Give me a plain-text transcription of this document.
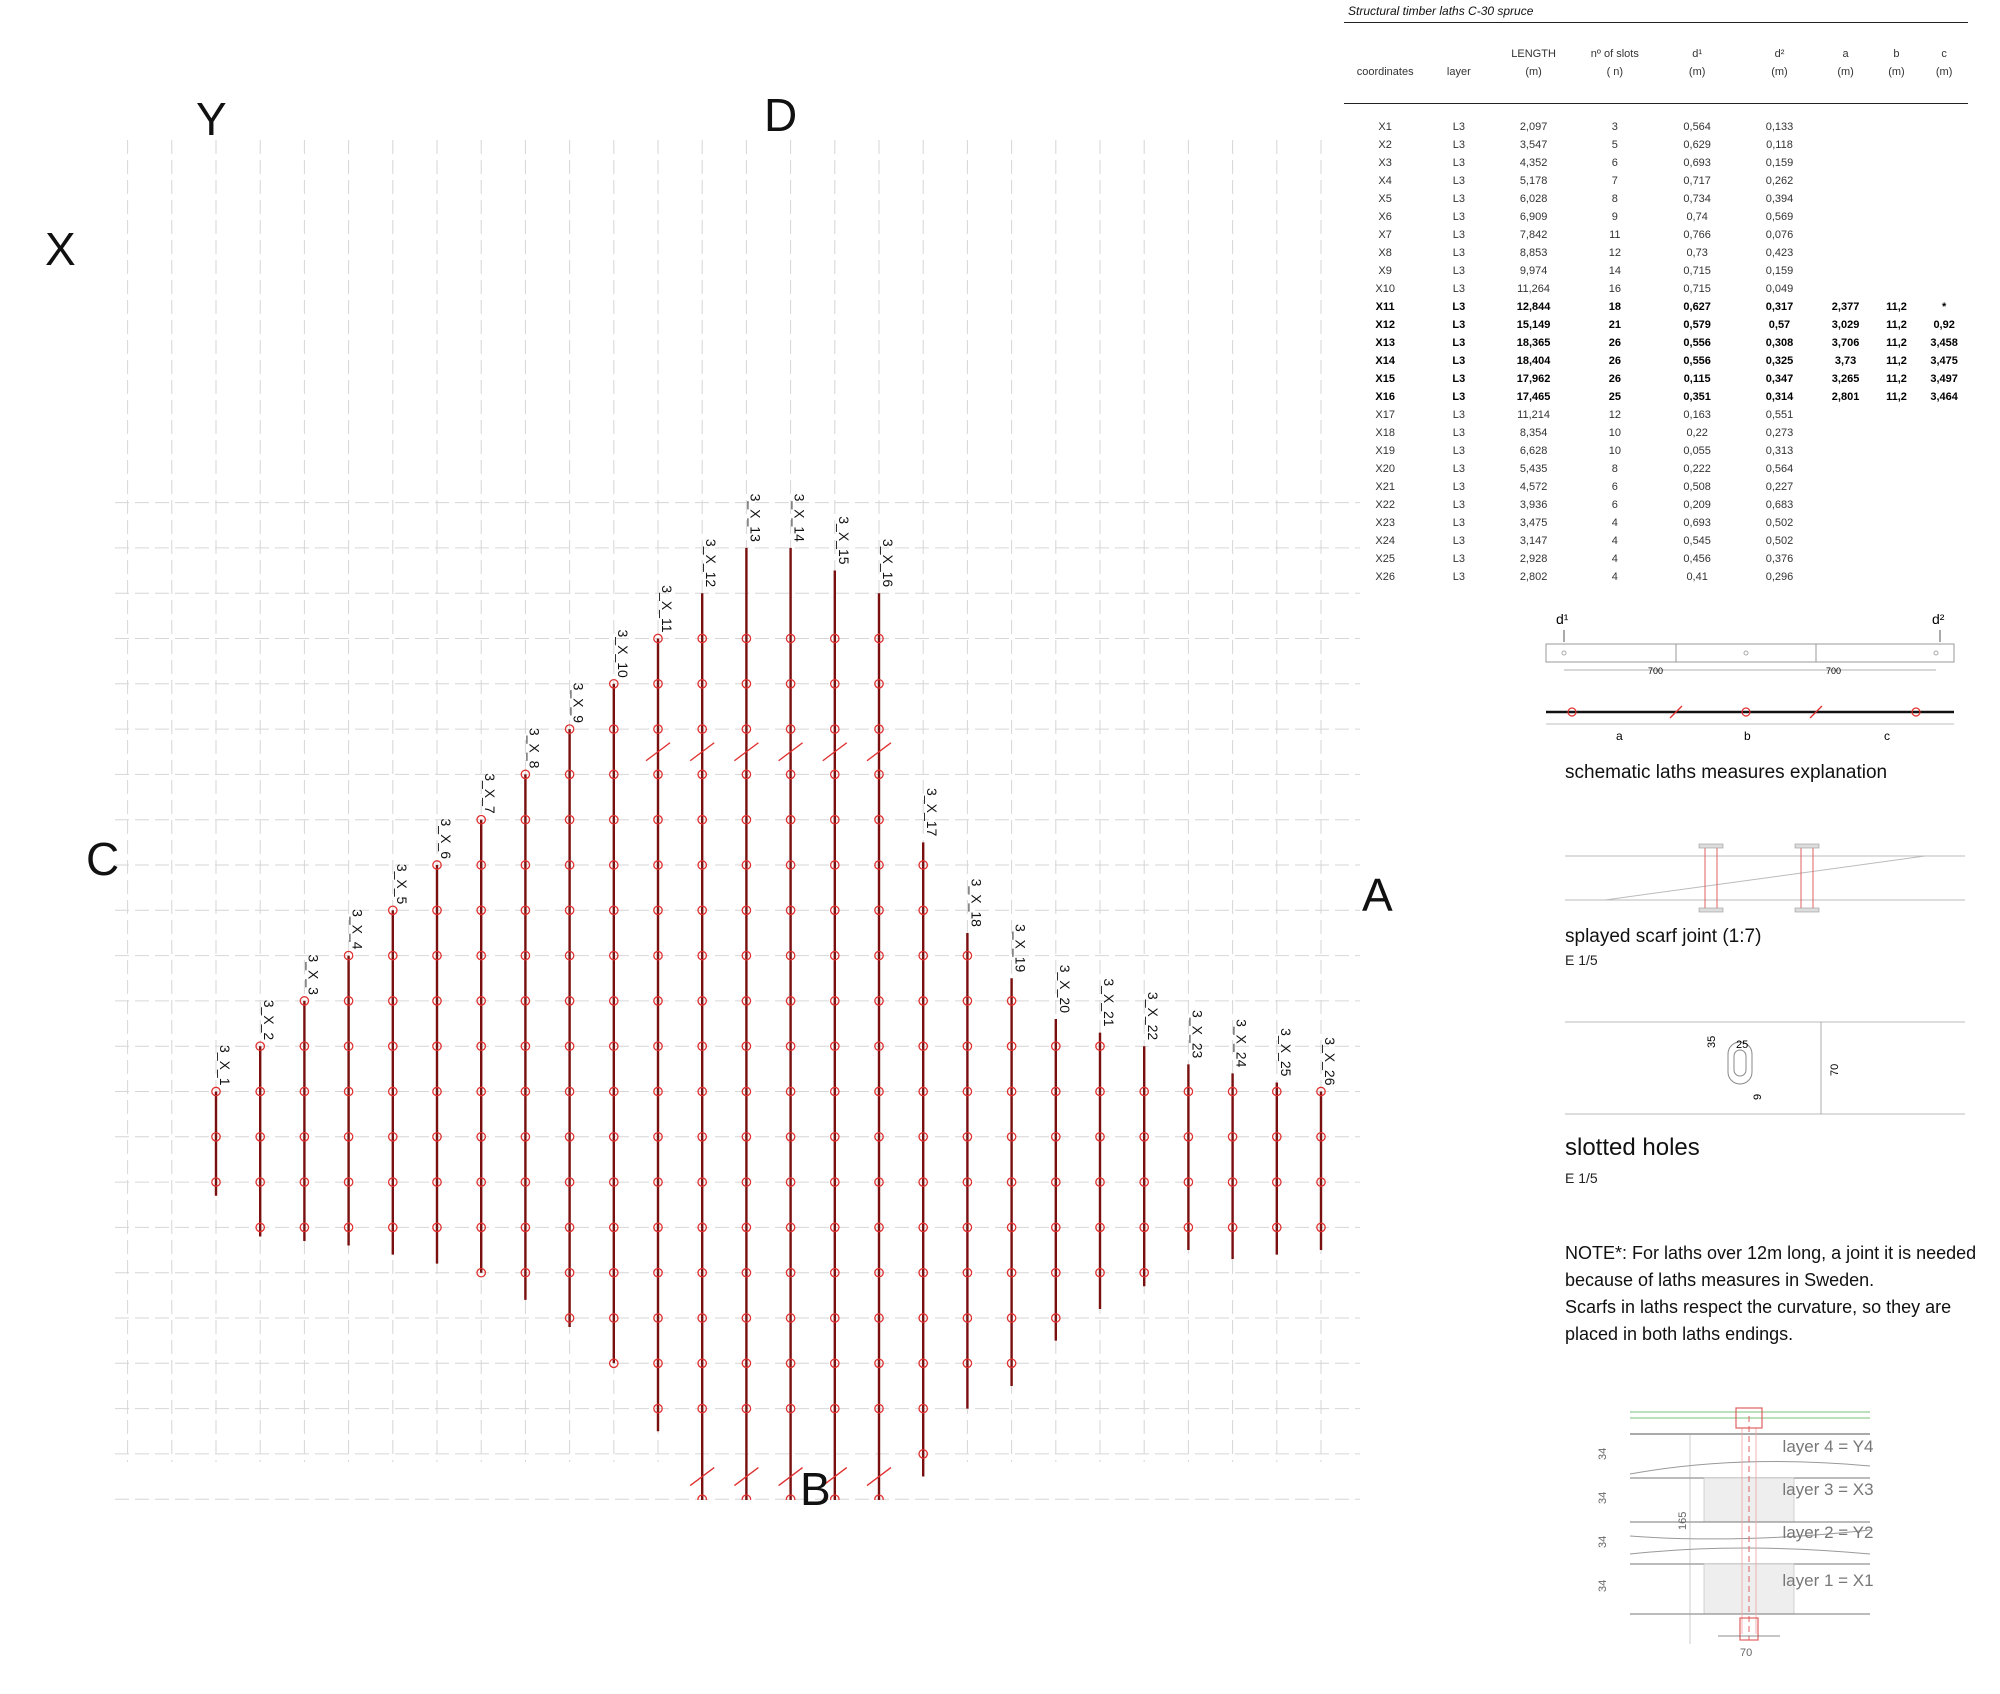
3_X_1
3_X_2
3_X_3
3_X_4
3_X_5
3_X_6
3_X_7
3_X_8
3_X_9
3_X_10
3_X_11
3_X_12
3_X_13 3_X_14 3_X_15 3_X_16
3_X_17
3_X_18
3_X_19
3_X_20 3_X_21 3_X_22 3_X_23 3_X_24 3_X_25 3_X_26
Y
X
D
C
A
B
Structural timber laths C-30 spruce

coordinates	layer

LENGTH
(m)

nº of slots
( n)

d¹
(m)

d²
(m)

a
(m)

b
(m)

c
(m)
X1	L3	2,097	3	0,564	0,133			
X2	L3	3,547	5	0,629	0,118			
X3	L3	4,352	6	0,693	0,159			
X4	L3	5,178	7	0,717	0,262			
X5	L3	6,028	8	0,734	0,394			
X6	L3	6,909	9	0,74	0,569			
X7	L3	7,842	11	0,766	0,076			
X8	L3	8,853	12	0,73	0,423			
X9	L3	9,974	14	0,715	0,159			
X10	L3	11,264	16	0,715	0,049			
X11	L3	12,844	18	0,627	0,317	2,377	11,2	*
X12	L3	15,149	21	0,579	0,57	3,029	11,2	0,92
X13	L3	18,365	26	0,556	0,308	3,706	11,2	3,458
X14	L3	18,404	26	0,556	0,325	3,73	11,2	3,475
X15	L3	17,962	26	0,115	0,347	3,265	11,2	3,497
X16	L3	17,465	25	0,351	0,314	2,801	11,2	3,464
X17	L3	11,214	12	0,163	0,551			
X18	L3	8,354	10	0,22	0,273			
X19	L3	6,628	10	0,055	0,313			
X20	L3	5,435	8	0,222	0,564			
X21	L3	4,572	6	0,508	0,227			
X22	L3	3,936	6	0,209	0,683			
X23	L3	3,475	4	0,693	0,502			
X24	L3	3,147	4	0,545	0,502			
X25	L3	2,928	4	0,456	0,376			
X26	L3	2,802	4	0,41	0,296			
d¹	d²
700	700
a	b	c
schematic laths measures explanation
splayed scarf joint (1:7)
E 1/5
35 25
9
70
slotted holes
E 1/5
NOTE*: For laths over 12m long, a joint it is needed
because of laths measures in Sweden.
Scarfs in laths respect the curvature, so they are
placed in both laths endings.
34
34
34
34
165
70
layer 4 = Y4
layer 3 = X3
layer 2 = Y2
layer 1 = X1
